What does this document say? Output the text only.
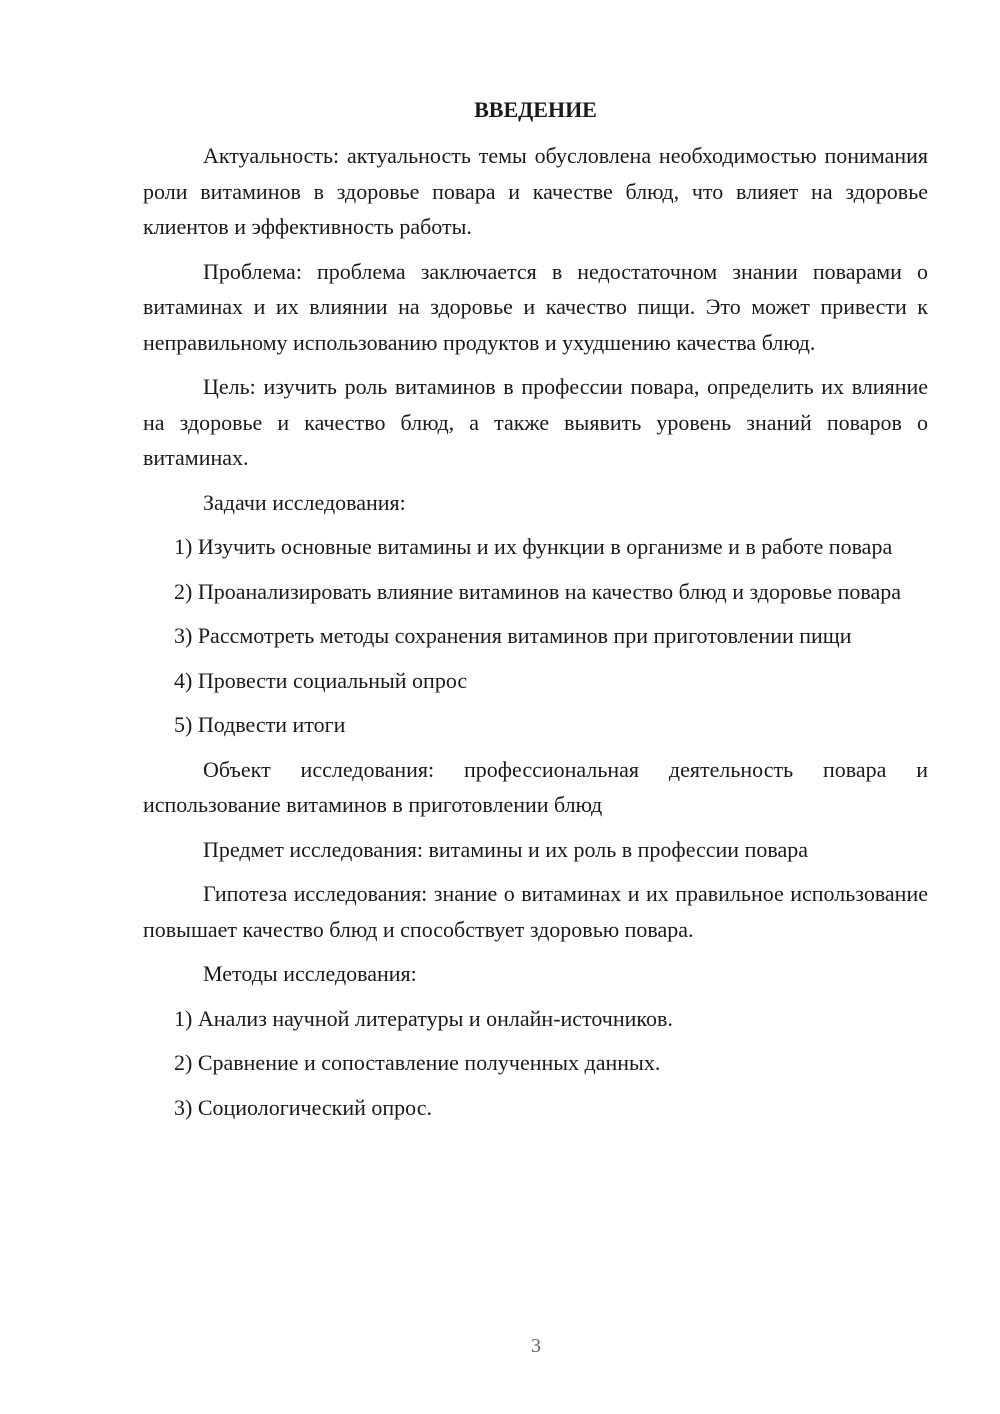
ВВЕДЕНИЕ

Актуальность: актуальность темы обусловлена необходимостью понимания роли витаминов в здоровье повара и качестве блюд, что влияет на здоровье клиентов и эффективность работы.

Проблема: проблема заключается в недостаточном знании поварами о витаминах и их влиянии на здоровье и качество пищи. Это может привести к неправильному использованию продуктов и ухудшению качества блюд.

Цель: изучить роль витаминов в профессии повара, определить их влияние на здоровье и качество блюд, а также выявить уровень знаний поваров о витаминах.

Задачи исследования:

1) Изучить основные витамины и их функции в организме и в работе повара

2) Проанализировать влияние витаминов на качество блюд и здоровье повара

3) Рассмотреть методы сохранения витаминов при приготовлении пищи

4) Провести социальный опрос

5) Подвести итоги

Объект исследования: профессиональная деятельность повара и использование витаминов в приготовлении блюд

Предмет исследования: витамины и их роль в профессии повара

Гипотеза исследования: знание о витаминах и их правильное использование повышает качество блюд и способствует здоровью повара.

Методы исследования:

1) Анализ научной литературы и онлайн-источников.

2) Сравнение и сопоставление полученных данных.

3) Социологический опрос.

3
